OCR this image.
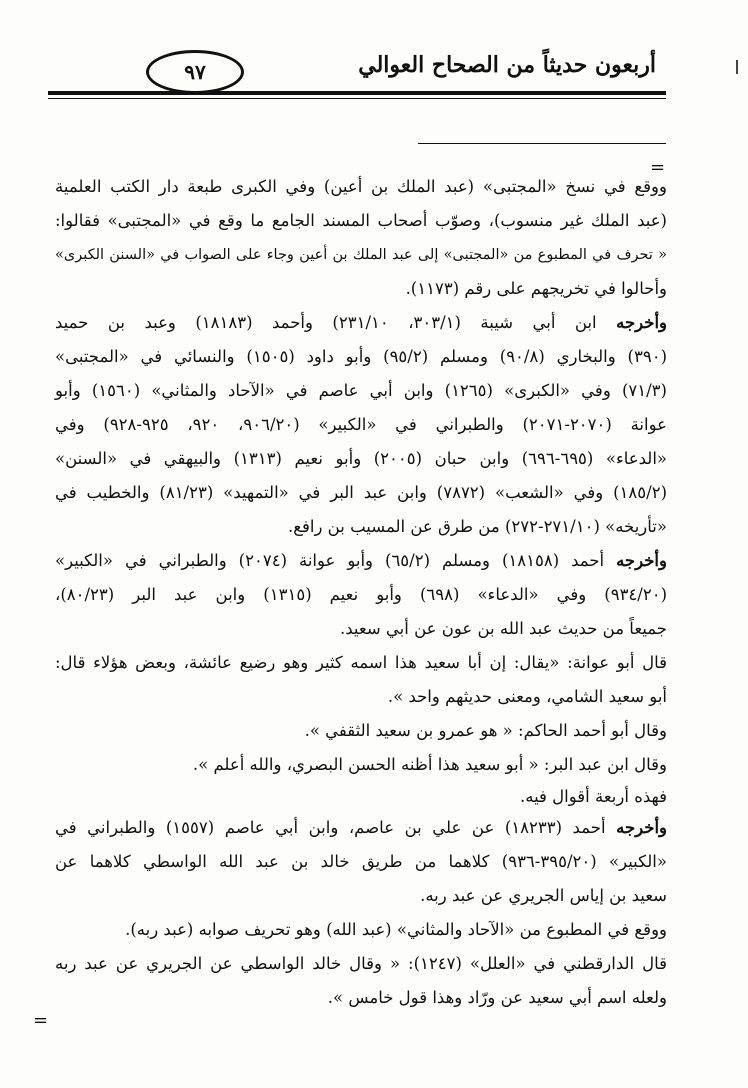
أربعون حديثاً من الصحاح العوالي
٩٧
=
ووقع في نسخ «المجتبى» (عبد الملك بن أعين) وفي الكبرى طبعة دار الكتب العلمية
(عبد الملك غير منسوب)، وصوّب أصحاب المسند الجامع ما وقع في «المجتبى» فقالوا:
« تحرف في المطبوع من «المجتبى» إلى عبد الملك بن أعين وجاء على الصواب في «السنن الكبرى»
وأحالوا في تخريجهم على رقم (١١٧٣).
وأخرجه ابن أبي شيبة (٣٠٣/١، ٢٣١/١٠) وأحمد (١٨١٨٣) وعبد بن حميد
(٣٩٠) والبخاري (٩٠/٨) ومسلم (٩٥/٢) وأبو داود (١٥٠٥) والنسائي في «المجتبى»
(٧١/٣) وفي «الكبرى» (١٢٦٥) وابن أبي عاصم في «الآحاد والمثاني» (١٥٦٠) وأبو
عوانة (٢٠٧٠-٢٠٧١) والطبراني في «الكبير» (٩٠٦/٢٠، ٩٢٠، ٩٢٥-٩٢٨) وفي
«الدعاء» (٦٩٥-٦٩٦) وابن حبان (٢٠٠٥) وأبو نعيم (١٣١٣) والبيهقي في «السنن»
(١٨٥/٢) وفي «الشعب» (٧٨٧٢) وابن عبد البر في «التمهيد» (٨١/٢٣) والخطيب في
«تأريخه» (٢٧١/١٠-٢٧٢) من طرق عن المسيب بن رافع.
وأخرجه أحمد (١٨١٥٨) ومسلم (٦٥/٢) وأبو عوانة (٢٠٧٤) والطبراني في «الكبير»
(٩٣٤/٢٠) وفي «الدعاء» (٦٩٨) وأبو نعيم (١٣١٥) وابن عبد البر (٨٠/٢٣)،
جميعاً من حديث عبد الله بن عون عن أبي سعيد.
قال أبو عوانة: «يقال: إن أبا سعيد هذا اسمه كثير وهو رضيع عائشة، وبعض هؤلاء قال:
أبو سعيد الشامي، ومعنى حديثهم واحد ».
وقال أبو أحمد الحاكم: « هو عمرو بن سعيد الثقفي ».
وقال ابن عبد البر: « أبو سعيد هذا أظنه الحسن البصري، والله أعلم ».
فهذه أربعة أقوال فيه.
وأخرجه أحمد (١٨٢٣٣) عن علي بن عاصم، وابن أبي عاصم (١٥٥٧) والطبراني في
«الكبير» (٣٩٥/٢٠-٩٣٦) كلاهما من طريق خالد بن عبد الله الواسطي كلاهما عن
سعيد بن إياس الجريري عن عبد ربه.
ووقع في المطبوع من «الآحاد والمثاني» (عبد الله) وهو تحريف صوابه (عبد ربه).
قال الدارقطني في «العلل» (١٢٤٧): « وقال خالد الواسطي عن الجريري عن عبد ربه
ولعله اسم أبي سعيد عن ورّاد وهذا قول خامس ».
=
